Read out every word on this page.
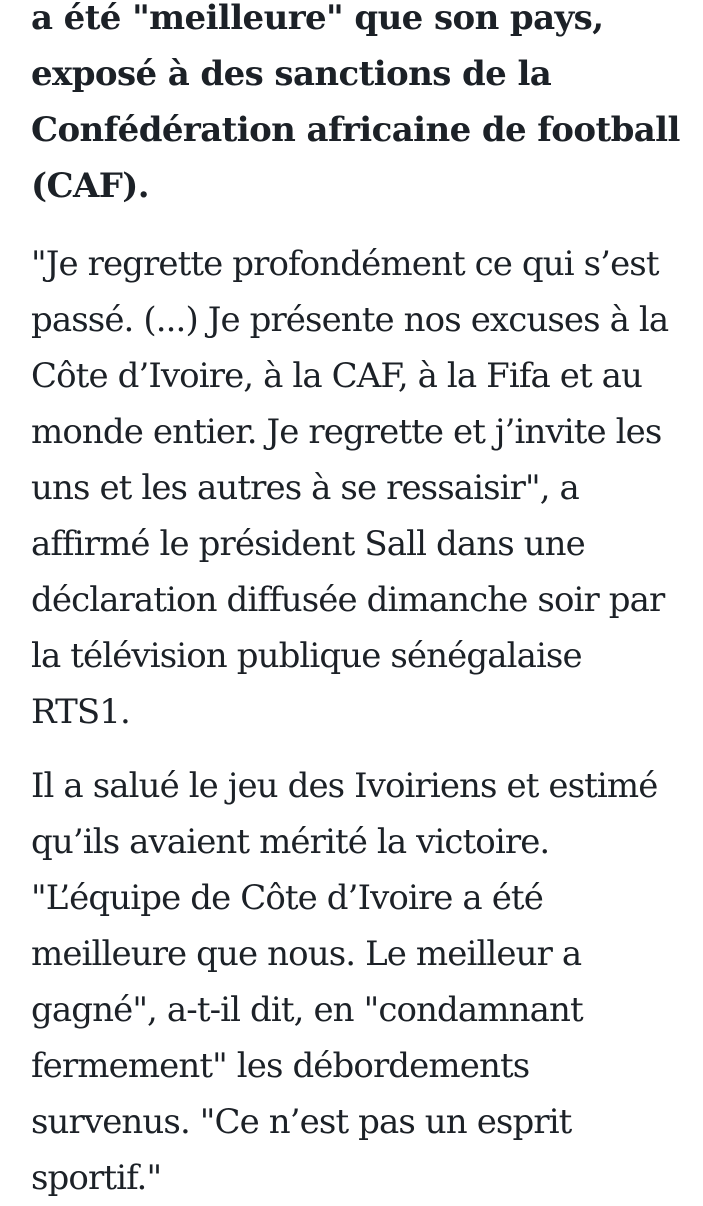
a été "meilleure" que son pays,
exposé à des sanctions de la
Confédération africaine de football
(CAF).

"Je regrette profondément ce qui s’est
passé. (...) Je présente nos excuses à la
Côte d’Ivoire, à la CAF, à la Fifa et au
monde entier. Je regrette et j’invite les
uns et les autres à se ressaisir", a
affirmé le président Sall dans une
déclaration diffusée dimanche soir par
la télévision publique sénégalaise
RTS1.

Il a salué le jeu des Ivoiriens et estimé
qu’ils avaient mérité la victoire.
"L’équipe de Côte d’Ivoire a été
meilleure que nous. Le meilleur a
gagné", a-t-il dit, en "condamnant
fermement" les débordements
survenus. "Ce n’est pas un esprit
sportif."
